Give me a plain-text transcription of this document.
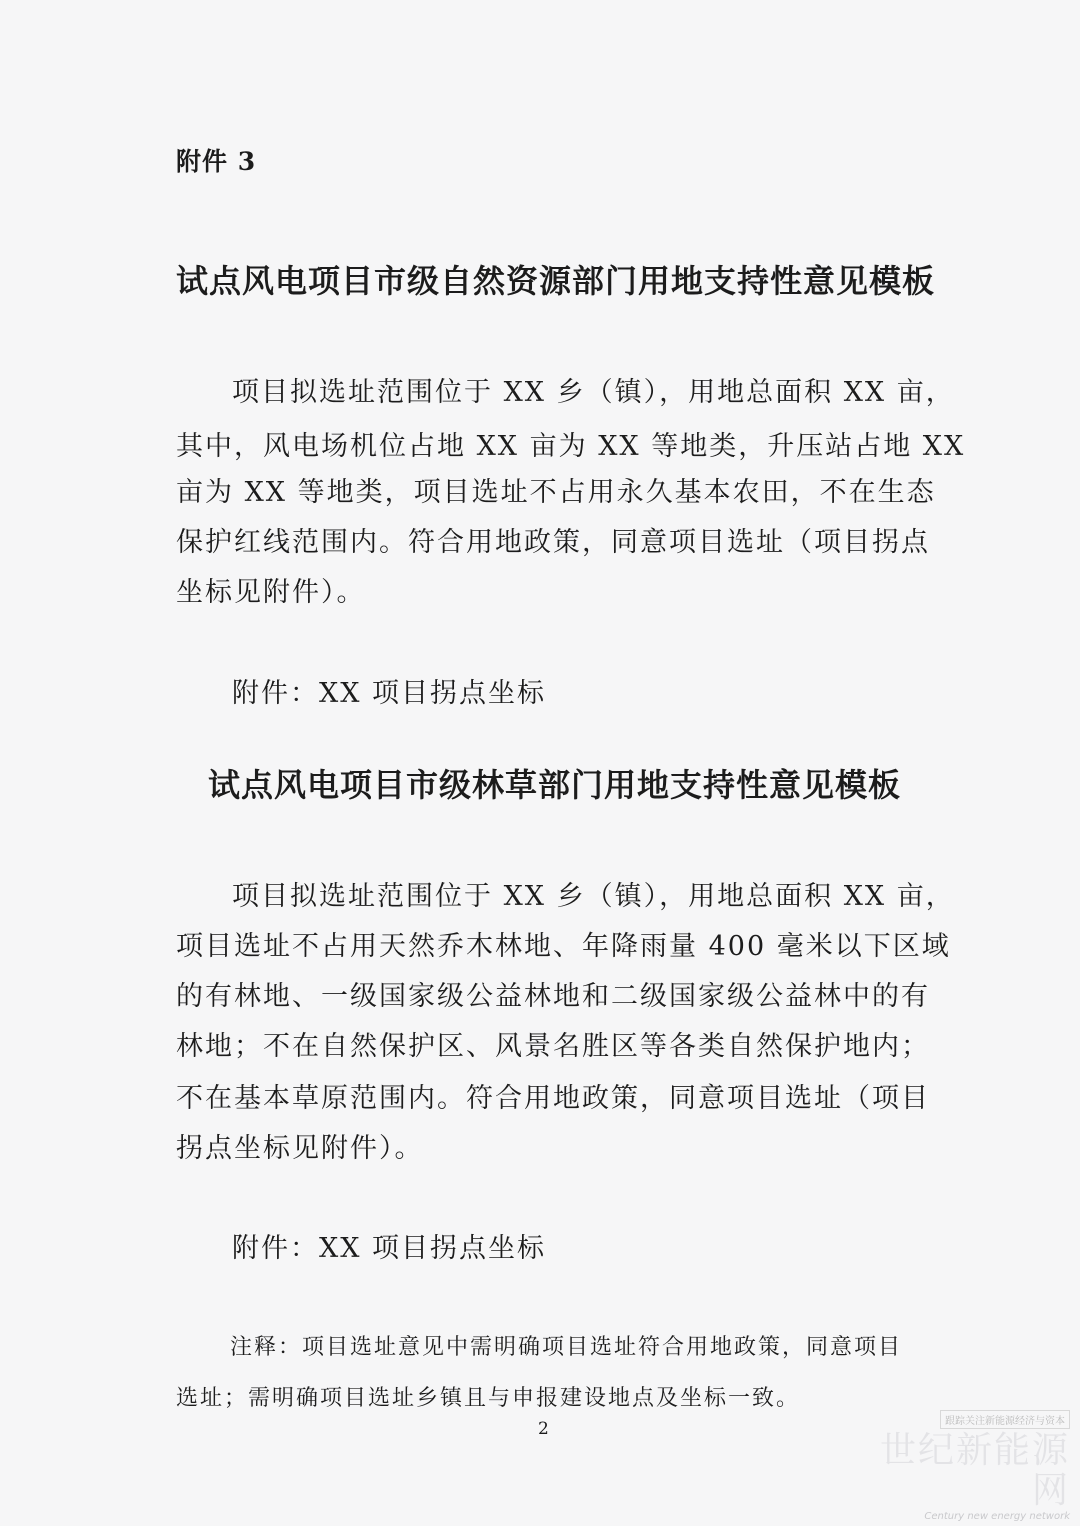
附件 3
试点风电项目市级自然资源部门用地支持性意见模板
项目拟选址范围位于 XX 乡（镇），用地总面积 XX 亩，
其中，风电场机位占地 XX 亩为 XX 等地类，升压站占地 XX
亩为 XX 等地类，项目选址不占用永久基本农田，不在生态
保护红线范围内。符合用地政策，同意项目选址（项目拐点
坐标见附件）。
附件：XX 项目拐点坐标
试点风电项目市级林草部门用地支持性意见模板
项目拟选址范围位于 XX 乡（镇），用地总面积 XX 亩，
项目选址不占用天然乔木林地、年降雨量 400 毫米以下区域
的有林地、一级国家级公益林地和二级国家级公益林中的有
林地；不在自然保护区、风景名胜区等各类自然保护地内；
不在基本草原范围内。符合用地政策，同意项目选址（项目
拐点坐标见附件）。
附件：XX 项目拐点坐标
注释：项目选址意见中需明确项目选址符合用地政策，同意项目
选址；需明确项目选址乡镇且与申报建设地点及坐标一致。
2	跟踪关注新能源经济与资本
世纪新能源网
Century new energy network
